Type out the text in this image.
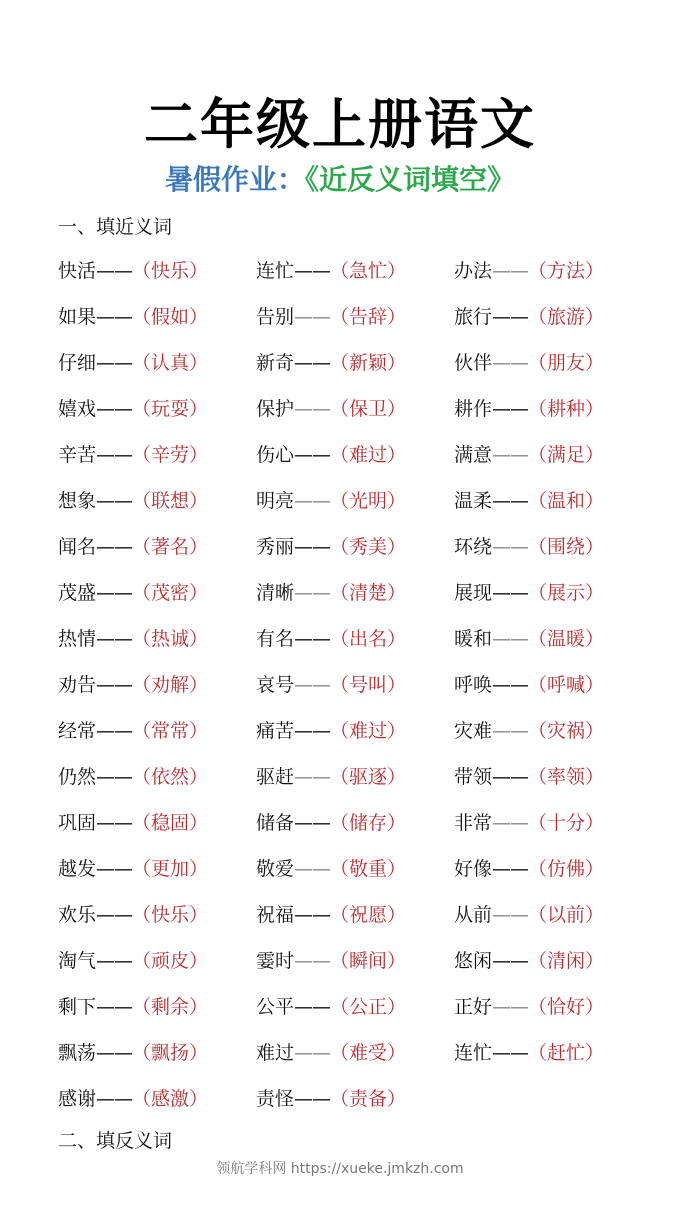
二年级上册语文
暑假作业：《近反义词填空》
一、填近义词
快活——（快乐）	连忙——（急忙）	办法——（方法）
如果——（假如）	告别——（告辞）	旅行——（旅游）
仔细——（认真）	新奇——（新颖）	伙伴——（朋友）
嬉戏——（玩耍）	保护——（保卫）	耕作——（耕种）
辛苦——（辛劳）	伤心——（难过）	满意——（满足）
想象——（联想）	明亮——（光明）	温柔——（温和）
闻名——（著名）	秀丽——（秀美）	环绕——（围绕）
茂盛——（茂密）	清晰——（清楚）	展现——（展示）
热情——（热诚）	有名——（出名）	暖和——（温暖）
劝告——（劝解）	哀号——（号叫）	呼唤——（呼喊）
经常——（常常）	痛苦——（难过）	灾难——（灾祸）
仍然——（依然）	驱赶——（驱逐）	带领——（率领）
巩固——（稳固）	储备——（储存）	非常——（十分）
越发——（更加）	敬爱——（敬重）	好像——（仿佛）
欢乐——（快乐）	祝福——（祝愿）	从前——（以前）
淘气——（顽皮）	霎时——（瞬间）	悠闲——（清闲）
剩下——（剩余）	公平——（公正）	正好——（恰好）
飘荡——（飘扬）	难过——（难受）	连忙——（赶忙）
感谢——（感激）	责怪——（责备）
二、填反义词
领航学科网 https://xueke.jmkzh.com
